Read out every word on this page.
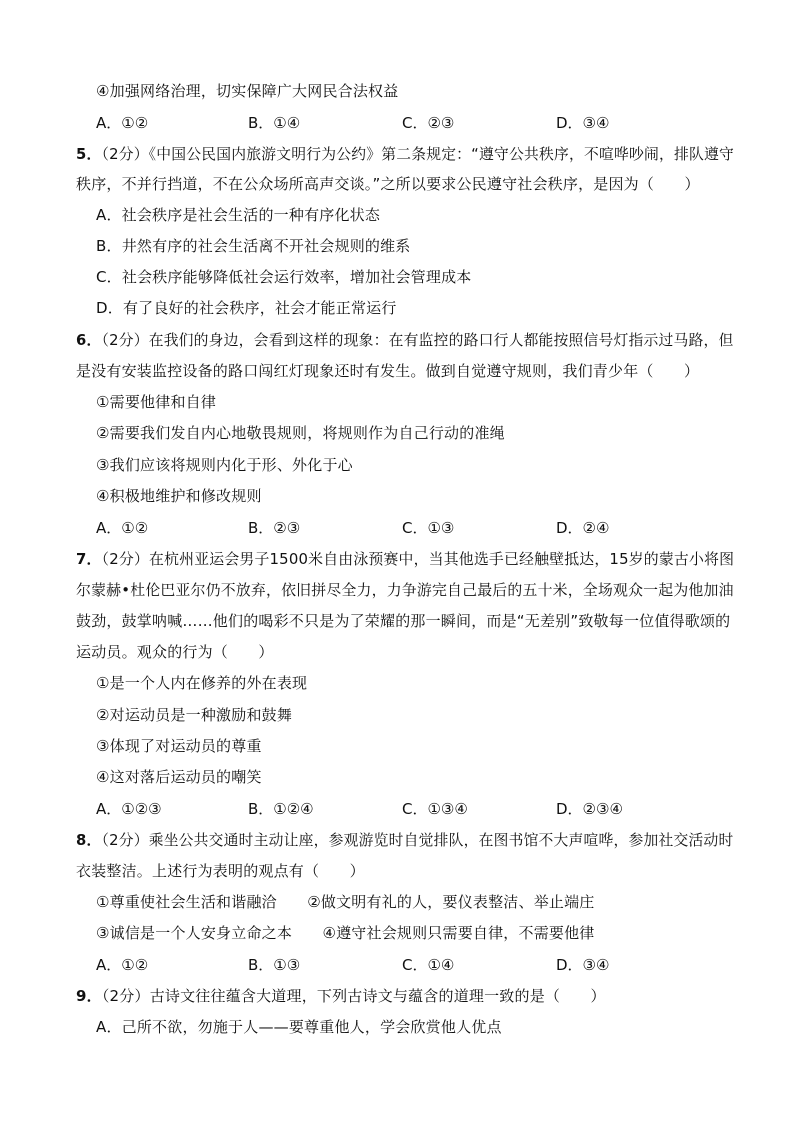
④加强网络治理，切实保障广大网民合法权益
A．①②	B．①④	C．②③	D．③④
5．（2分）《中国公民国内旅游文明行为公约》第二条规定：“遵守公共秩序，不喧哗吵闹，排队遵守
秩序，不并行挡道，不在公众场所高声交谈。”之所以要求公民遵守社会秩序，是因为（　　）
A．社会秩序是社会生活的一种有序化状态
B．井然有序的社会生活离不开社会规则的维系
C．社会秩序能够降低社会运行效率，增加社会管理成本
D．有了良好的社会秩序，社会才能正常运行
6．（2分）在我们的身边，会看到这样的现象：在有监控的路口行人都能按照信号灯指示过马路，但
是没有安装监控设备的路口闯红灯现象还时有发生。做到自觉遵守规则，我们青少年（　　）
①需要他律和自律
②需要我们发自内心地敬畏规则，将规则作为自己行动的准绳
③我们应该将规则内化于形、外化于心
④积极地维护和修改规则
A．①②	B．②③	C．①③	D．②④
7．（2分）在杭州亚运会男子1500米自由泳预赛中，当其他选手已经触壁抵达，15岁的蒙古小将图
尔蒙赫•杜伦巴亚尔仍不放弃，依旧拼尽全力，力争游完自己最后的五十米，全场观众一起为他加油
鼓劲，鼓掌呐喊……他们的喝彩不只是为了荣耀的那一瞬间，而是“无差别”致敬每一位值得歌颂的
运动员。观众的行为（　　）
①是一个人内在修养的外在表现
②对运动员是一种激励和鼓舞
③体现了对运动员的尊重
④这对落后运动员的嘲笑
A．①②③	B．①②④	C．①③④	D．②③④
8．（2分）乘坐公共交通时主动让座，参观游览时自觉排队，在图书馆不大声喧哗，参加社交活动时
衣装整洁。上述行为表明的观点有（　　）
①尊重使社会生活和谐融洽　　②做文明有礼的人，要仪表整洁、举止端庄
③诚信是一个人安身立命之本　　④遵守社会规则只需要自律，不需要他律
A．①②	B．①③	C．①④	D．③④
9．（2分）古诗文往往蕴含大道理，下列古诗文与蕴含的道理一致的是（　　）
A．己所不欲，勿施于人——要尊重他人，学会欣赏他人优点
